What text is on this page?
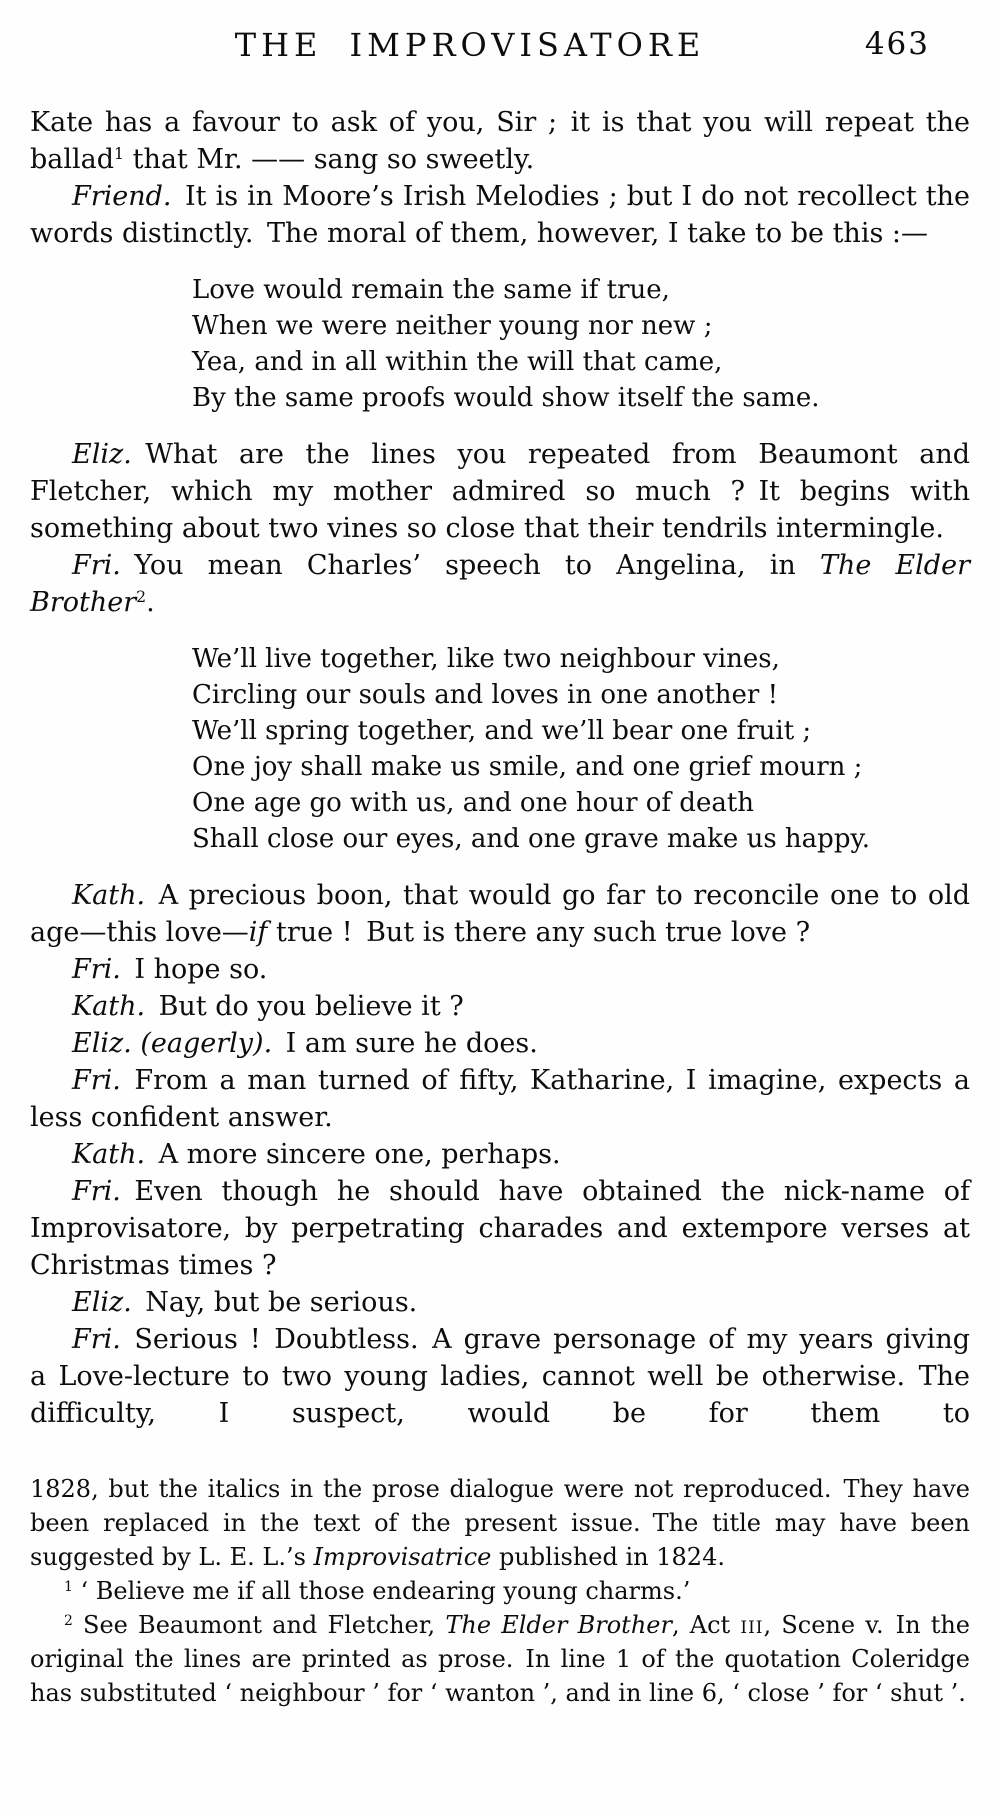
THE IMPROVISATORE	463
Kate has a favour to ask of you, Sir ; it is that you will repeat the ballad$^1$ that Mr. —— sang so sweetly.
Friend. It is in Moore’s Irish Melodies ; but I do not recollect the words distinctly. The moral of them, however, I take to be this :—
Love would remain the same if true,
When we were neither young nor new ;
Yea, and in all within the will that came,
By the same proofs would show itself the same.
Eliz. What are the lines you repeated from Beaumont and Fletcher, which my mother admired so much ? It begins with something about two vines so close that their tendrils intermingle.
Fri. You mean Charles’ speech to Angelina, in The Elder Brother$^2$.
We’ll live together, like two neighbour vines,
Circling our souls and loves in one another !
We’ll spring together, and we’ll bear one fruit ;
One joy shall make us smile, and one grief mourn ;
One age go with us, and one hour of death
Shall close our eyes, and one grave make us happy.
Kath. A precious boon, that would go far to reconcile one to old age—this love—if true ! But is there any such true love ?
Fri. I hope so.
Kath. But do you believe it ?
Eliz. (eagerly). I am sure he does.
Fri. From a man turned of fifty, Katharine, I imagine, expects a less confident answer.
Kath. A more sincere one, perhaps.
Fri. Even though he should have obtained the nick-name of Improvisatore, by perpetrating charades and extempore verses at Christmas times ?
Eliz. Nay, but be serious.
Fri. Serious ! Doubtless. A grave personage of my years giving a Love-lecture to two young ladies, cannot well be otherwise. The difficulty, I suspect, would be for them to
1828, but the italics in the prose dialogue were not reproduced. They have been replaced in the text of the present issue. The title may have been suggested by L. E. L.’s Improvisatrice published in 1824.
$^1$ ‘ Believe me if all those endearing young charms.’
$^2$ See Beaumont and Fletcher, The Elder Brother, Act iii, Scene v. In the original the lines are printed as prose. In line 1 of the quotation Coleridge has substituted ‘ neighbour ’ for ‘ wanton ’, and in line 6, ‘ close ’ for ‘ shut ’.
